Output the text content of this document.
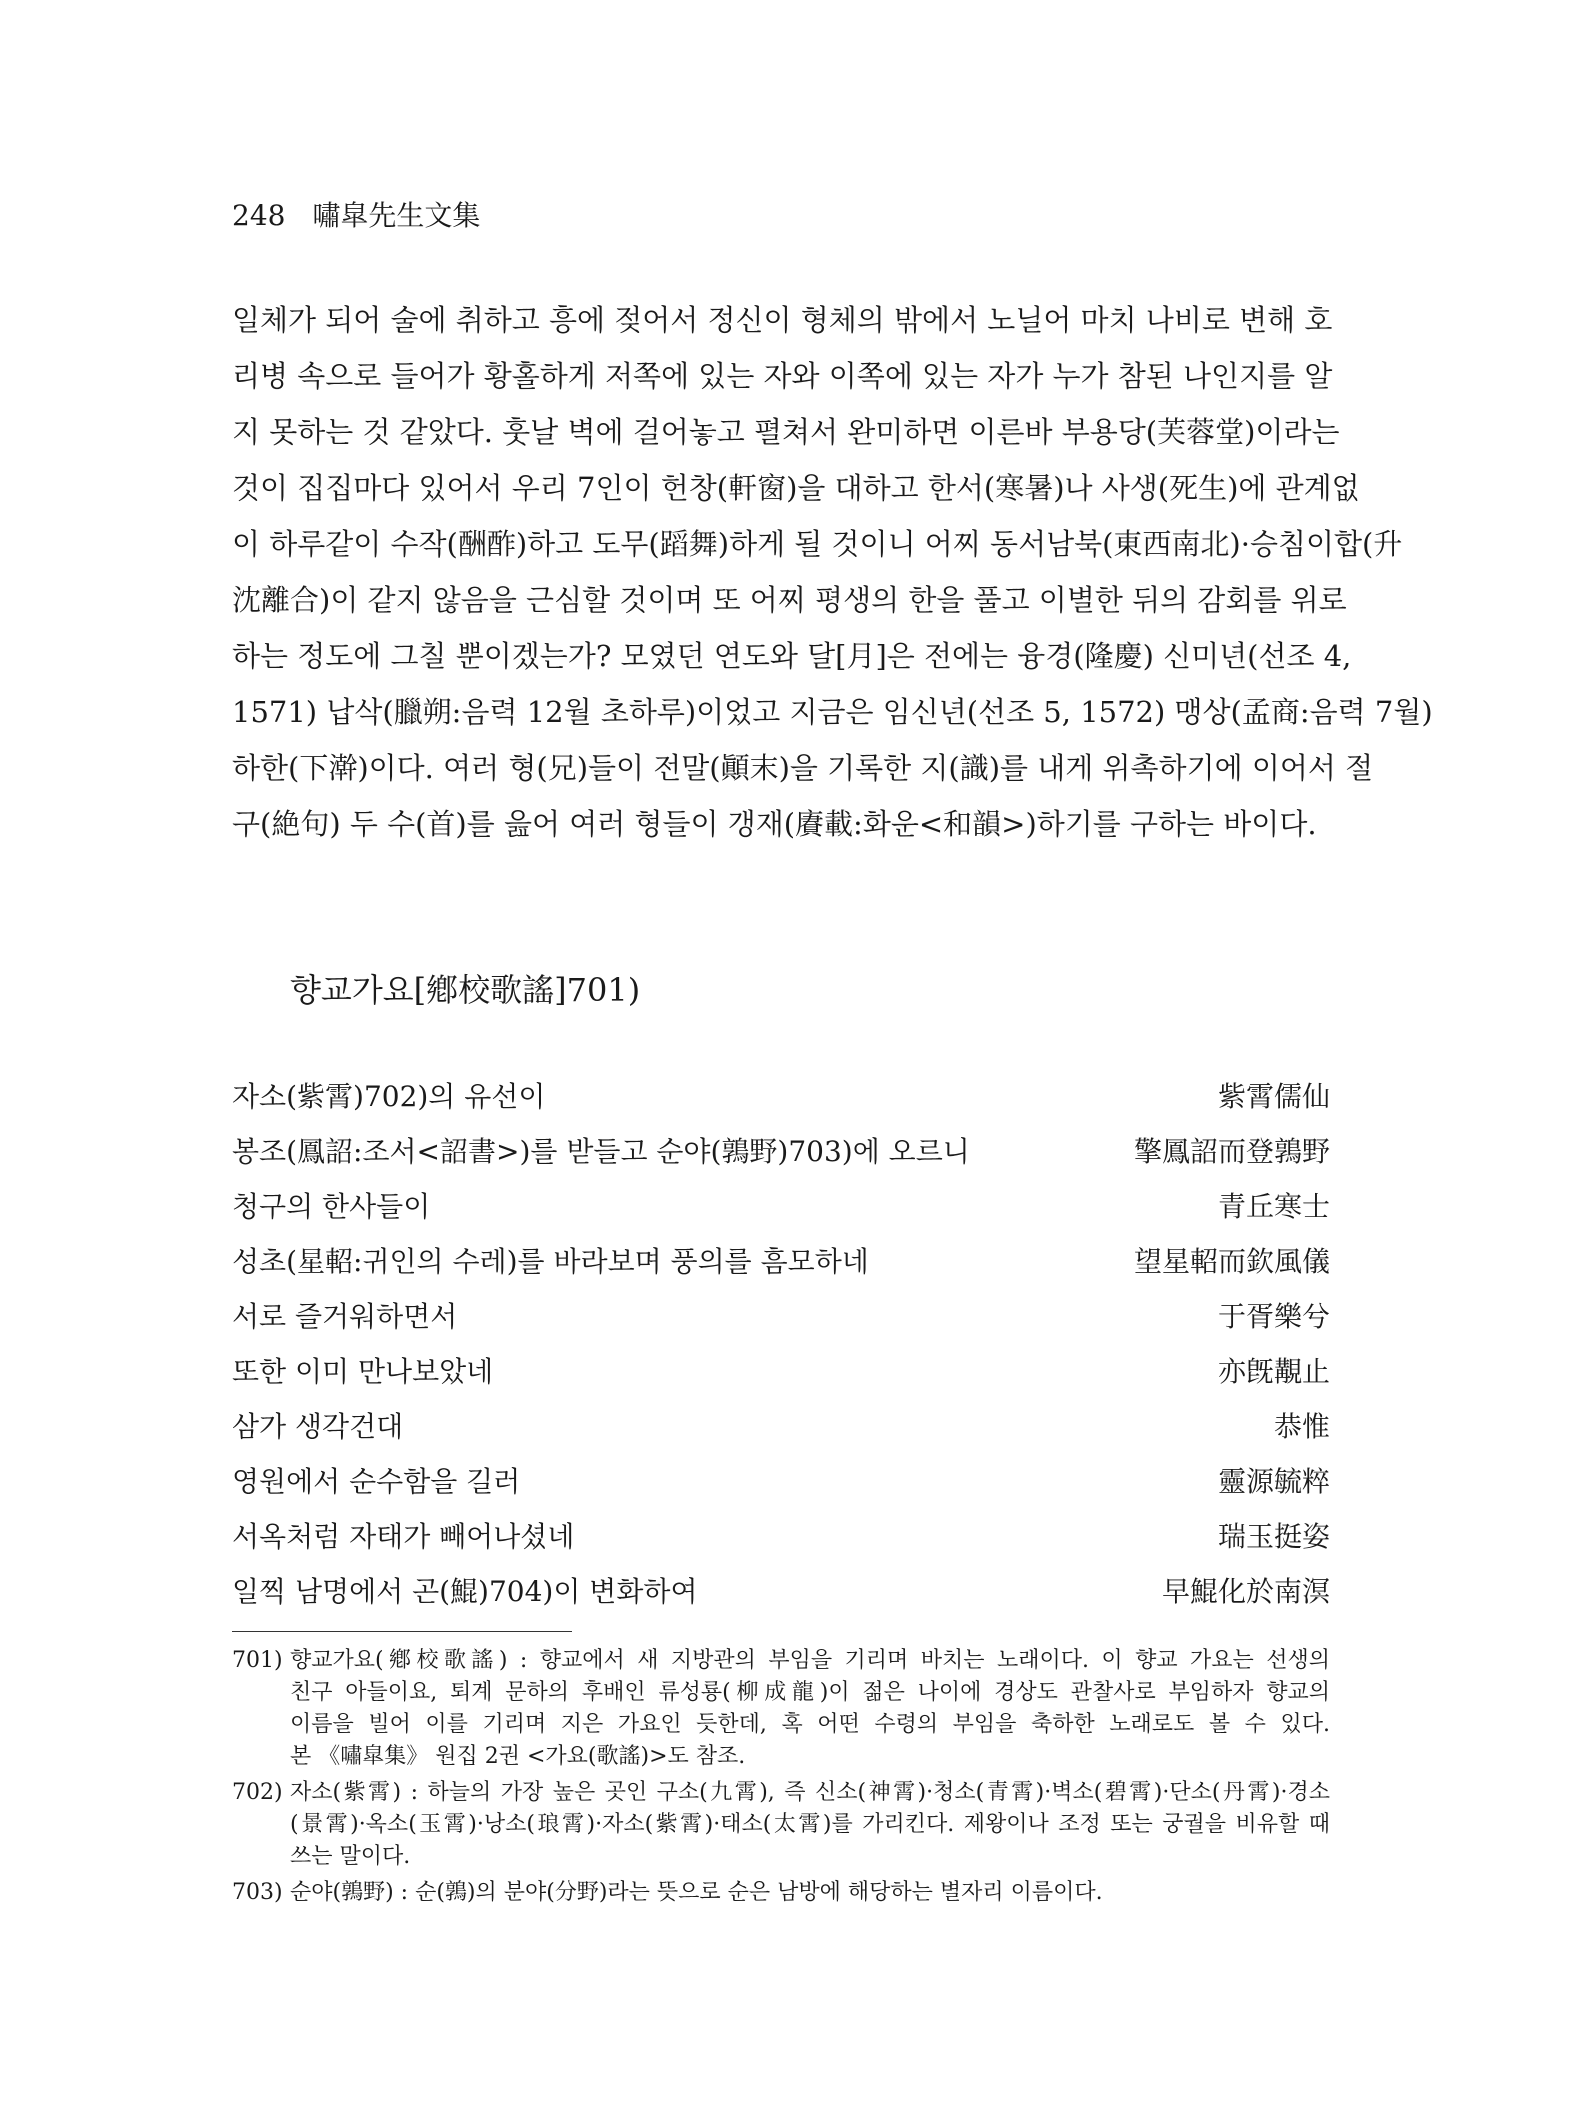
248 嘯皐先生文集
일체가 되어 술에 취하고 흥에 젖어서 정신이 형체의 밖에서 노닐어 마치 나비로 변해 호
리병 속으로 들어가 황홀하게 저쪽에 있는 자와 이쪽에 있는 자가 누가 참된 나인지를 알
지 못하는 것 같았다. 훗날 벽에 걸어놓고 펼쳐서 완미하면 이른바 부용당(芙蓉堂)이라는
것이 집집마다 있어서 우리 7인이 헌창(軒窗)을 대하고 한서(寒暑)나 사생(死生)에 관계없
이 하루같이 수작(酬酢)하고 도무(蹈舞)하게 될 것이니 어찌 동서남북(東西南北)·승침이합(升
沈離合)이 같지 않음을 근심할 것이며 또 어찌 평생의 한을 풀고 이별한 뒤의 감회를 위로
하는 정도에 그칠 뿐이겠는가? 모였던 연도와 달[月]은 전에는 융경(隆慶) 신미년(선조 4,
1571) 납삭(臘朔:음력 12월 초하루)이었고 지금은 임신년(선조 5, 1572) 맹상(孟商:음력 7월)
하한(下澣)이다. 여러 형(兄)들이 전말(顚末)을 기록한 지(識)를 내게 위촉하기에 이어서 절
구(絶句) 두 수(首)를 읊어 여러 형들이 갱재(賡載:화운<和韻>)하기를 구하는 바이다.
향교가요[鄕校歌謠]701)
자소(紫霄)702)의 유선이	紫霄儒仙
봉조(鳳詔:조서<詔書>)를 받들고 순야(鶉野)703)에 오르니	擎鳳詔而登鶉野
청구의 한사들이	青丘寒士
성초(星軺:귀인의 수레)를 바라보며 풍의를 흠모하네	望星軺而欽風儀
서로 즐거워하면서	于胥樂兮
또한 이미 만나보았네	亦旣覯止
삼가 생각건대	恭惟
영원에서 순수함을 길러	靈源毓粹
서옥처럼 자태가 빼어나셨네	瑞玉挺姿
일찍 남명에서 곤(鯤)704)이 변화하여	早鯤化於南溟
701) 향교가요(鄕校歌謠) : 향교에서 새 지방관의 부임을 기리며 바치는 노래이다. 이 향교 가요는 선생의
친구 아들이요, 퇴계 문하의 후배인 류성룡(柳成龍)이 젊은 나이에 경상도 관찰사로 부임하자 향교의
이름을 빌어 이를 기리며 지은 가요인 듯한데, 혹 어떤 수령의 부임을 축하한 노래로도 볼 수 있다.
본 《嘯皐集》 원집 2권 <가요(歌謠)>도 참조.
702) 자소(紫霄) : 하늘의 가장 높은 곳인 구소(九霄), 즉 신소(神霄)·청소(青霄)·벽소(碧霄)·단소(丹霄)·경소
(景霄)·옥소(玉霄)·낭소(琅霄)·자소(紫霄)·태소(太霄)를 가리킨다. 제왕이나 조정 또는 궁궐을 비유할 때
쓰는 말이다.
703) 순야(鶉野) : 순(鶉)의 분야(分野)라는 뜻으로 순은 남방에 해당하는 별자리 이름이다.
